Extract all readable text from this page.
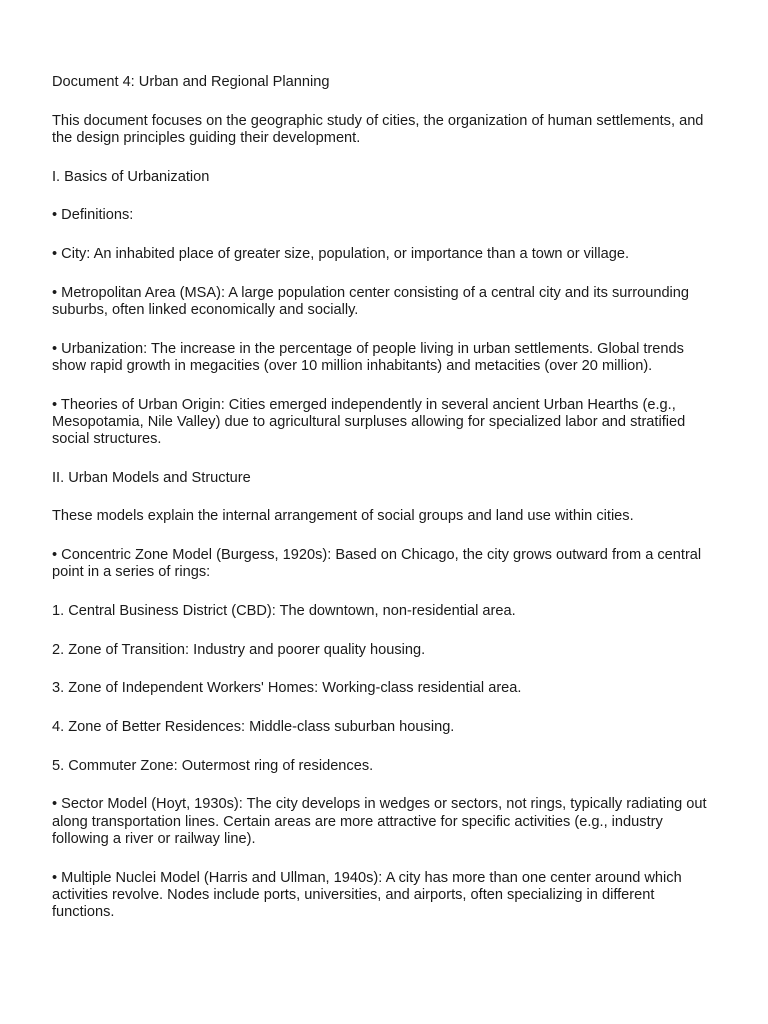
Document 4: Urban and Regional Planning

This document focuses on the geographic study of cities, the organization of human settlements, and the design principles guiding their development.

I. Basics of Urbanization

• Definitions:

• City: An inhabited place of greater size, population, or importance than a town or village.

• Metropolitan Area (MSA): A large population center consisting of a central city and its surrounding suburbs, often linked economically and socially.

• Urbanization: The increase in the percentage of people living in urban settlements. Global trends show rapid growth in megacities (over 10 million inhabitants) and metacities (over 20 million).

• Theories of Urban Origin: Cities emerged independently in several ancient Urban Hearths (e.g., Mesopotamia, Nile Valley) due to agricultural surpluses allowing for specialized labor and stratified social structures.

II. Urban Models and Structure

These models explain the internal arrangement of social groups and land use within cities.

• Concentric Zone Model (Burgess, 1920s): Based on Chicago, the city grows outward from a central point in a series of rings:

1. Central Business District (CBD): The downtown, non-residential area.

2. Zone of Transition: Industry and poorer quality housing.

3. Zone of Independent Workers' Homes: Working-class residential area.

4. Zone of Better Residences: Middle-class suburban housing.

5. Commuter Zone: Outermost ring of residences.

• Sector Model (Hoyt, 1930s): The city develops in wedges or sectors, not rings, typically radiating out along transportation lines. Certain areas are more attractive for specific activities (e.g., industry following a river or railway line).

• Multiple Nuclei Model (Harris and Ullman, 1940s): A city has more than one center around which activities revolve. Nodes include ports, universities, and airports, often specializing in different functions.
